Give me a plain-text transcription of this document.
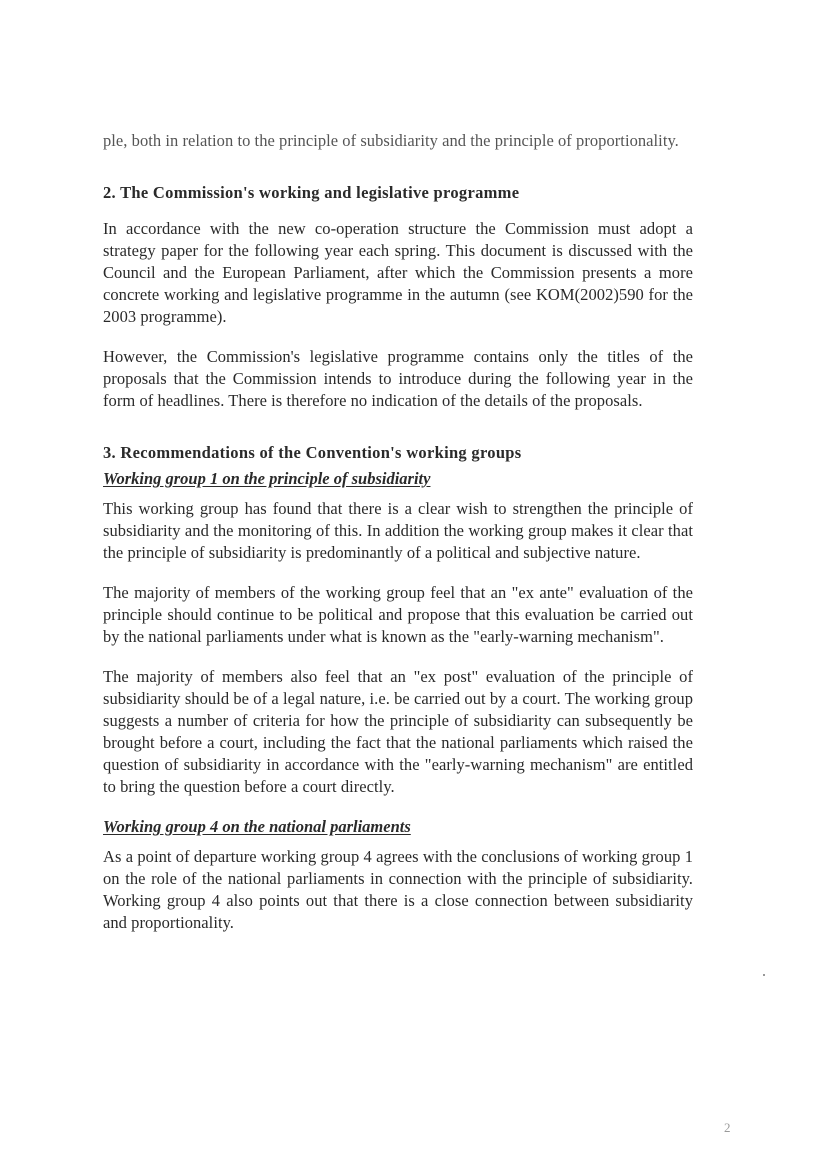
ple, both in relation to the principle of subsidiarity and the principle of proportionality.

2. The Commission's working and legislative programme

In accordance with the new co-operation structure the Commission must adopt a strategy paper for the following year each spring. This document is discussed with the Council and the European Parliament, after which the Commission presents a more concrete working and legislative programme in the autumn (see KOM(2002)590 for the 2003 programme).

However, the Commission's legislative programme contains only the titles of the proposals that the Commission intends to introduce during the following year in the form of headlines. There is therefore no indication of the details of the proposals.

3. Recommendations of the Convention's working groups
Working group 1 on the principle of subsidiarity

This working group has found that there is a clear wish to strengthen the principle of subsidiarity and the monitoring of this. In addition the working group makes it clear that the principle of subsidiarity is predominantly of a political and subjective nature.

The majority of members of the working group feel that an "ex ante" evaluation of the principle should continue to be political and propose that this evaluation be carried out by the national parliaments under what is known as the "early-warning mechanism".

The majority of members also feel that an "ex post" evaluation of the principle of subsidiarity should be of a legal nature, i.e. be carried out by a court. The working group suggests a number of criteria for how the principle of subsidiarity can subsequently be brought before a court, including the fact that the national parliaments which raised the question of subsidiarity in accordance with the "early-warning mechanism" are entitled to bring the question before a court directly.

Working group 4 on the national parliaments

As a point of departure working group 4 agrees with the conclusions of working group 1 on the role of the national parliaments in connection with the principle of subsidiarity. Working group 4 also points out that there is a close connection between subsidiarity and proportionality.

2
